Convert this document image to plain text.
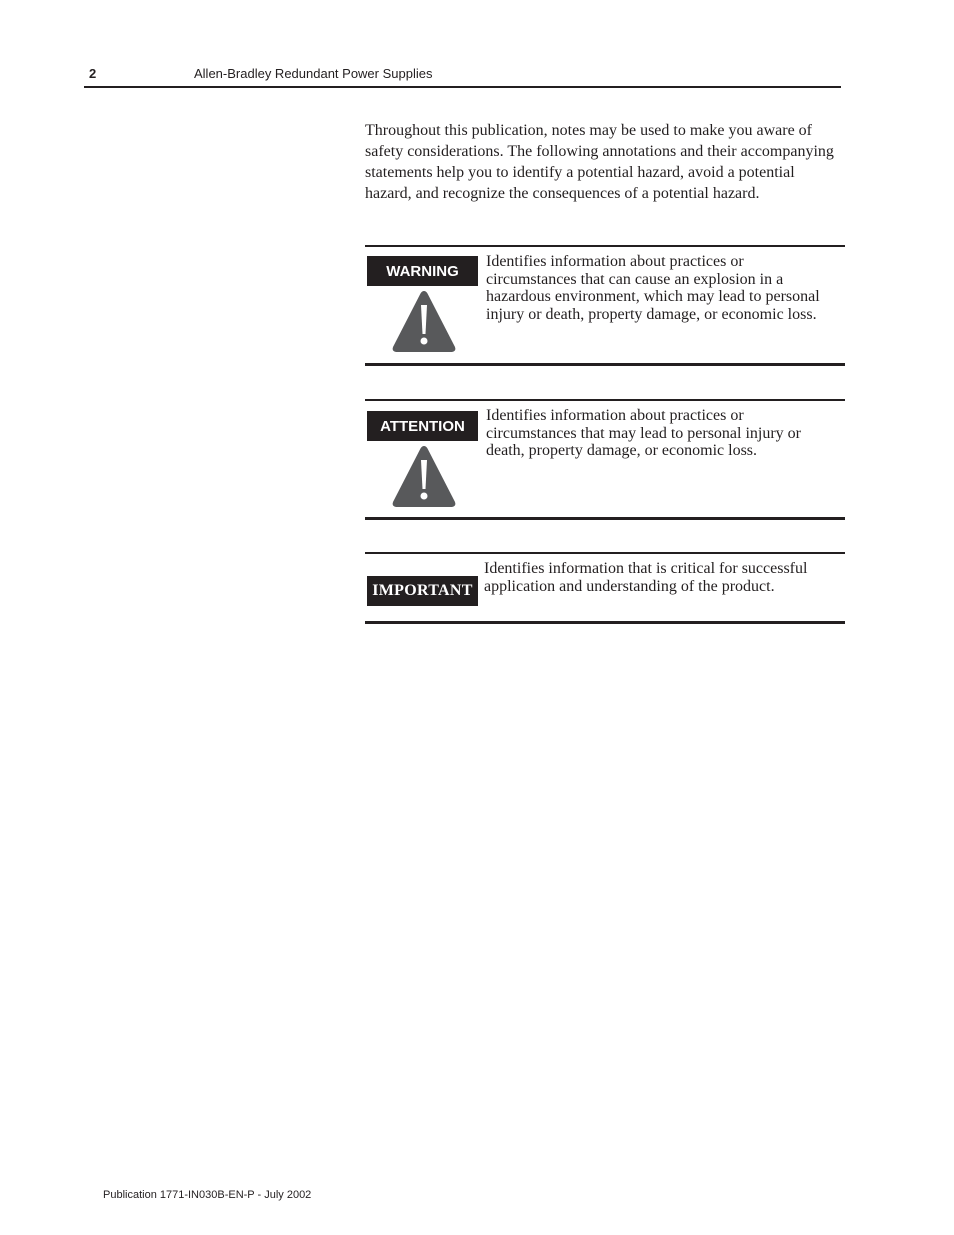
2	Allen-Bradley Redundant Power Supplies

Throughout this publication, notes may be used to make you aware of safety considerations. The following annotations and their accompanying statements help you to identify a potential hazard, avoid a potential hazard, and recognize the consequences of a potential hazard.

WARNING

Identifies information about practices or circumstances that can cause an explosion in a hazardous environment, which may lead to personal injury or death, property damage, or economic loss.

ATTENTION

Identifies information about practices or circumstances that may lead to personal injury or death, property damage, or economic loss.

IMPORTANT

Identifies information that is critical for successful application and understanding of the product.

Publication 1771-IN030B-EN-P - July 2002
